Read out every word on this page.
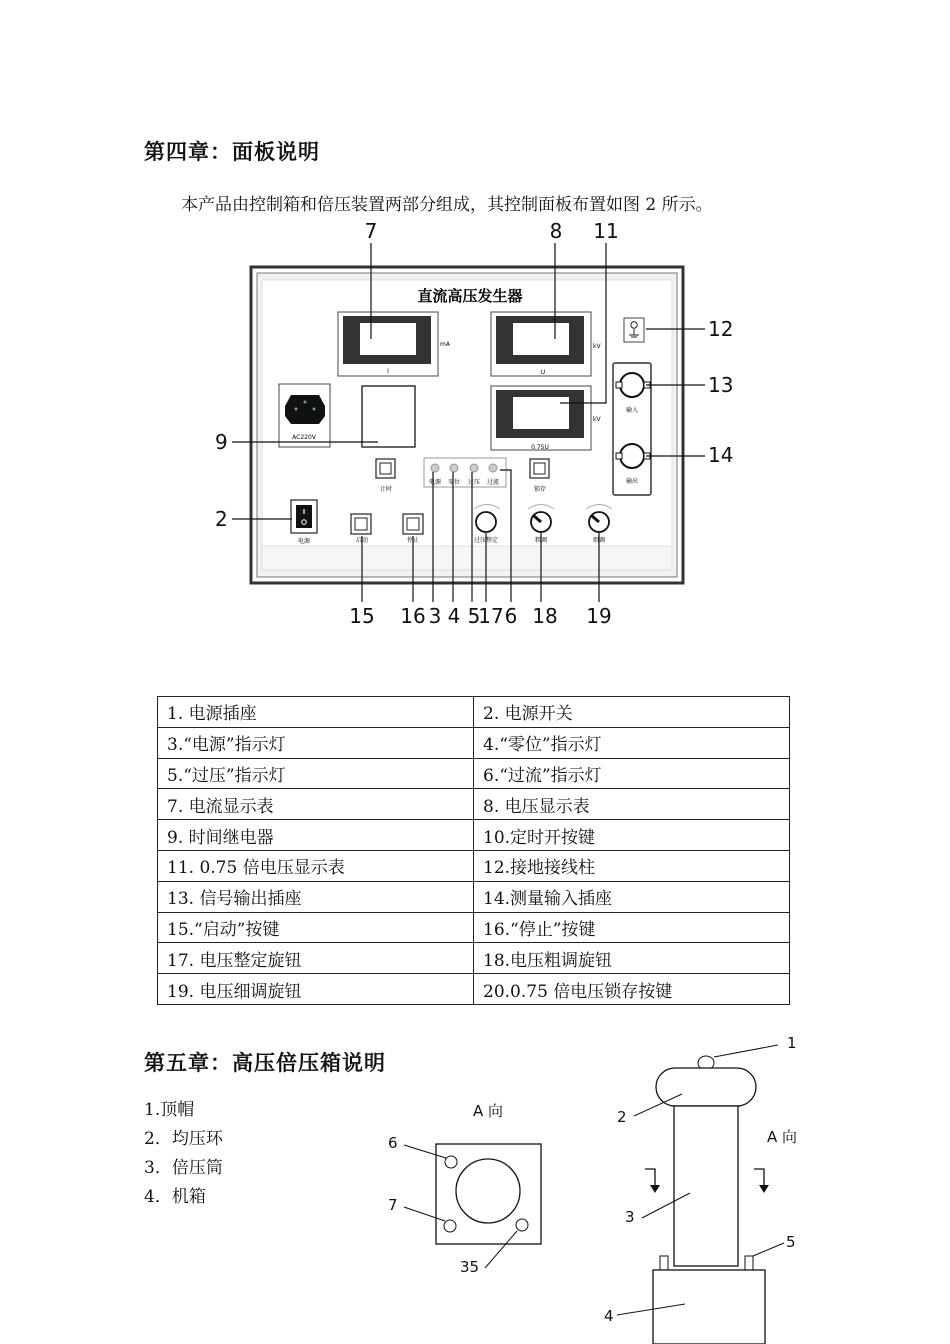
第四章：面板说明
本产品由控制箱和倍压装置两部分组成，其控制面板布置如图 2 所示。
直流高压发生器
mA
I
kV
U
kV
0.75U
AC220V
计时
电源 零位 过压 过流
锁存
输入
输出
电源	启动	停止	过压整定	粗调	细调
7	8 11
12
13
14
9
2
15 16 3 4 5
17 6 18 19
1. 电源插座	2. 电源开关
3.“电源”指示灯	4.“零位”指示灯
5.“过压”指示灯	6.“过流”指示灯
7. 电流显示表	8. 电压显示表
9. 时间继电器	10.定时开按键
11. 0.75 倍电压显示表	12.接地接线柱
13. 信号输出插座	14.测量输入插座
15.“启动”按键	16.“停止”按键
17. 电压整定旋钮	18.电压粗调旋钮
19. 电压细调旋钮	20.0.75 倍电压锁存按键
第五章：高压倍压箱说明
1.顶帽
2．均压环
3．倍压筒
4．机箱
A 向
6
7
35
1
2
3
4
5
A 向
